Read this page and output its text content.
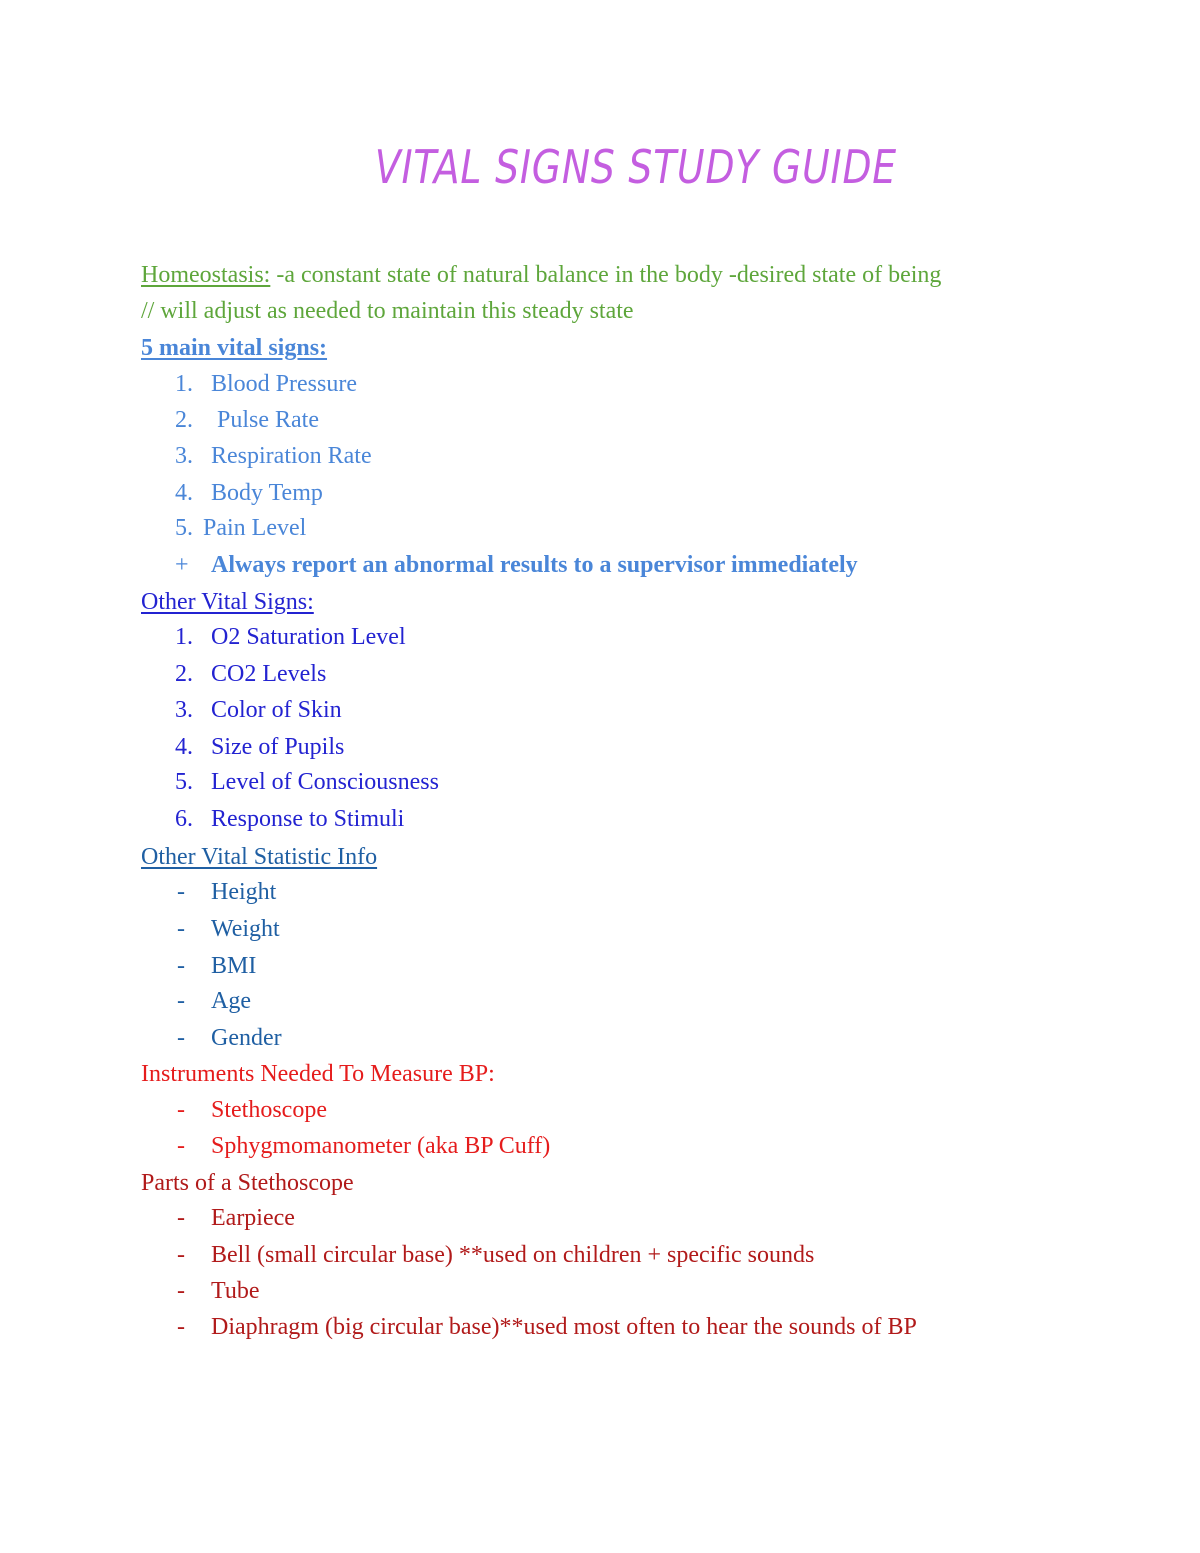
VITAL SIGNS STUDY GUIDE
Homeostasis: -a constant state of natural balance in the body -desired state of being
// will adjust as needed to maintain this steady state
5 main vital signs:
1. Blood Pressure
2. Pulse Rate
3. Respiration Rate
4. Body Temp
5. Pain Level
+ Always report an abnormal results to a supervisor immediately
Other Vital Signs:
1. O2 Saturation Level
2. CO2 Levels
3. Color of Skin
4. Size of Pupils
5. Level of Consciousness
6. Response to Stimuli
Other Vital Statistic Info
- Height
- Weight
- BMI
- Age
- Gender
Instruments Needed To Measure BP:
- Stethoscope
- Sphygmomanometer (aka BP Cuff)
Parts of a Stethoscope
- Earpiece
- Bell (small circular base) **used on children + specific sounds
- Tube
- Diaphragm (big circular base)**used most often to hear the sounds of BP
